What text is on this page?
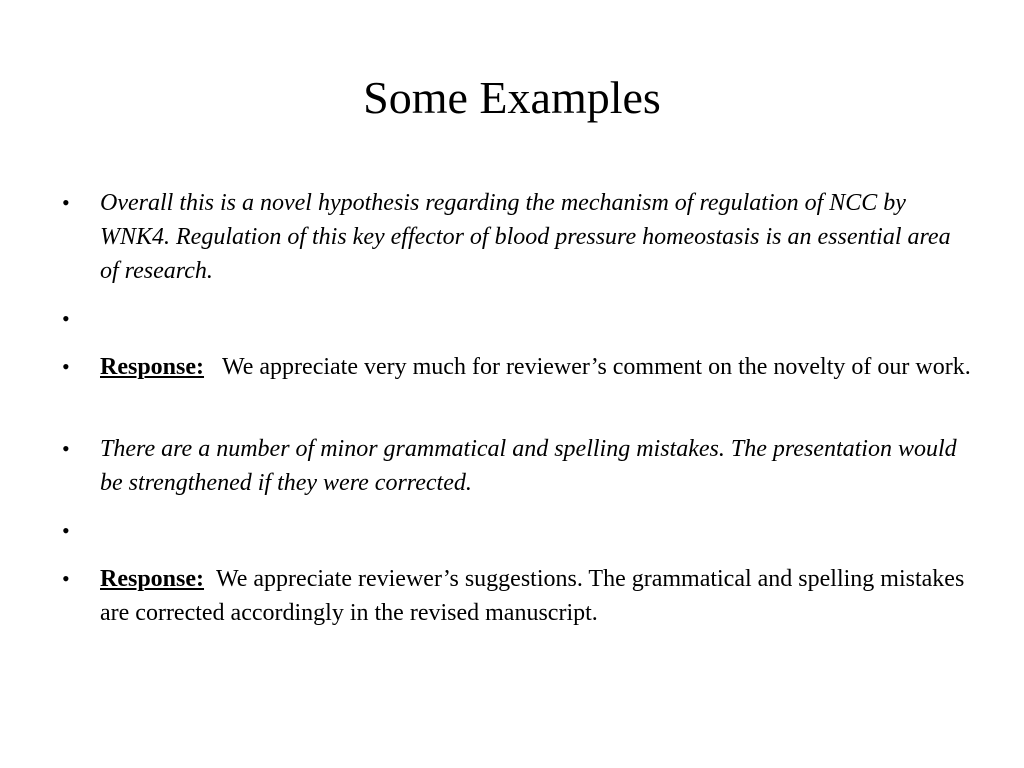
Some Examples
•	Overall this is a novel hypothesis regarding the mechanism of regulation of NCC by WNK4. Regulation of this key effector of blood pressure homeostasis is an essential area of research.
•

•	Response: We appreciate very much for reviewer’s comment on the novelty of our work.
•	There are a number of minor grammatical and spelling mistakes. The presentation would be strengthened if they were corrected.
•

•	Response: We appreciate reviewer’s suggestions. The grammatical and spelling mistakes are corrected accordingly in the revised manuscript.
